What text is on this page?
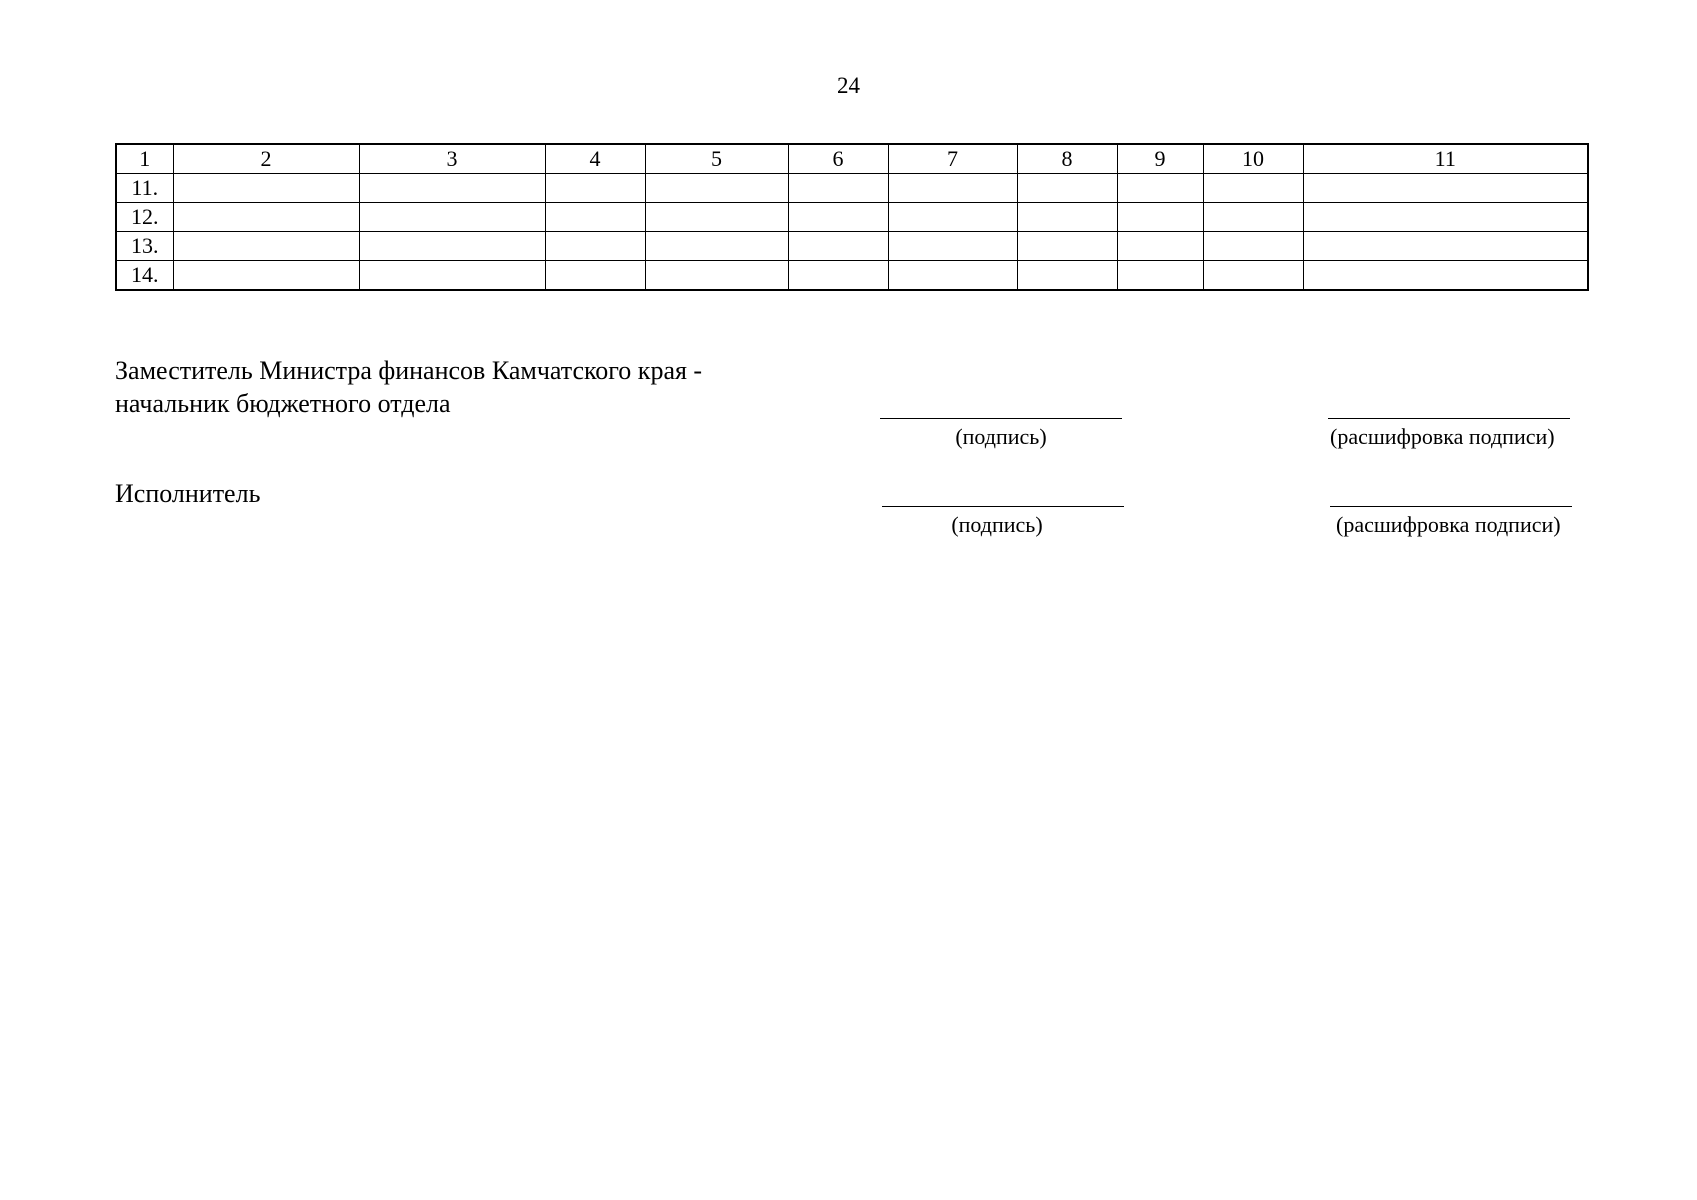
24
1	2	3	4	5	6	7	8	9	10	11
11.										
12.										
13.										
14.										
Заместитель Министра финансов Камчатского края -
начальник бюджетного отдела
(подпись)	(расшифровка подписи)
Исполнитель
(подпись)	(расшифровка подписи)
